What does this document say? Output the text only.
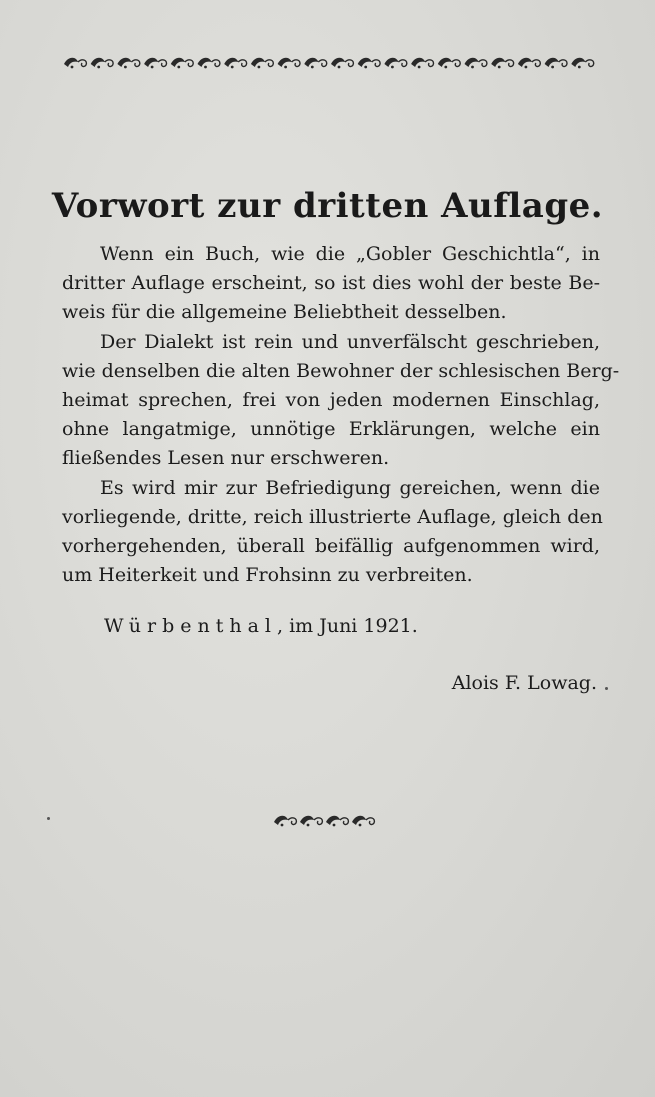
Vorwort zur dritten Auflage.
Wenn ein Buch, wie die „Gobler Geschichtla“, in
dritter Auflage erscheint, so ist dies wohl der beste Be-
weis für die allgemeine Beliebtheit desselben.
Der Dialekt ist rein und unverfälscht geschrieben,
wie denselben die alten Bewohner der schlesischen Berg-
heimat sprechen, frei von jeden modernen Einschlag,
ohne langatmige, unnötige Erklärungen, welche ein
fließendes Lesen nur erschweren.
Es wird mir zur Befriedigung gereichen, wenn die
vorliegende, dritte, reich illustrierte Auflage, gleich den
vorhergehenden, überall beifällig aufgenommen wird,
um Heiterkeit und Frohsinn zu verbreiten.
Würbenthal, im Juni 1921.
Alois F. Lowag.
